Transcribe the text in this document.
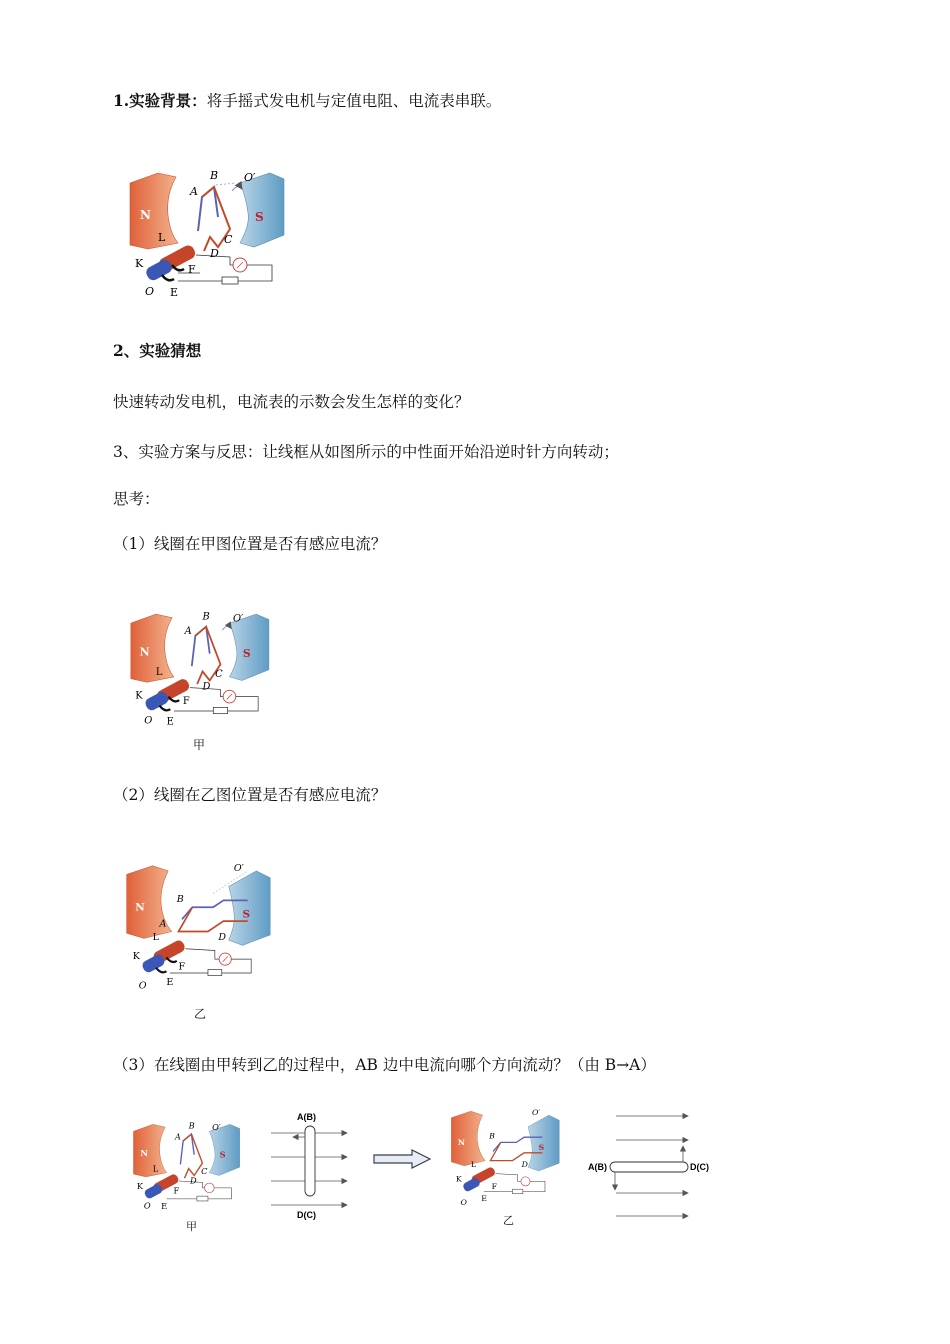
1.实验背景：将手摇式发电机与定值电阻、电流表串联。
N	S
A
B
C
D
O′
L
K	F
O E
2、实验猜想
快速转动发电机，电流表的示数会发生怎样的变化？
3、实验方案与反思：让线框从如图所示的中性面开始沿逆时针方向转动；
思考：
（1）线圈在甲图位置是否有感应电流？
N	S
A
B
C
D
O′
L
K	F
O E
甲
（2）线圈在乙图位置是否有感应电流？
N
S
B
A
D
O′
L
K
F
O E
乙
（3）在线圈由甲转到乙的过程中，AB 边中电流向哪个方向流动？（由 B→A）
N	S
A
B
C
D
O′
L
K	F
O E
甲
A(B)
D(C)
N
S
B
D
O′
L
K
F
O E
乙
A(B)	D(C)
